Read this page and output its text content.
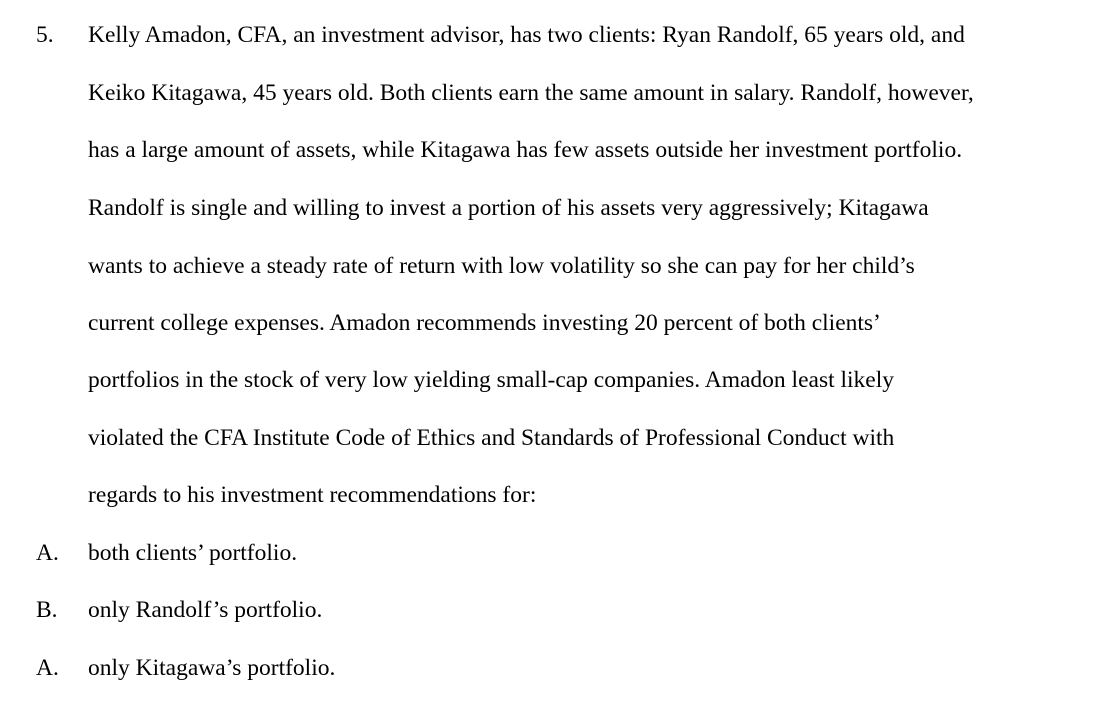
5. Kelly Amadon, CFA, an investment advisor, has two clients: Ryan Randolf, 65 years old, and
Keiko Kitagawa, 45 years old. Both clients earn the same amount in salary. Randolf, however,
has a large amount of assets, while Kitagawa has few assets outside her investment portfolio.
Randolf is single and willing to invest a portion of his assets very aggressively; Kitagawa
wants to achieve a steady rate of return with low volatility so she can pay for her child’s
current college expenses. Amadon recommends investing 20 percent of both clients’
portfolios in the stock of very low yielding small-cap companies. Amadon least likely
violated the CFA Institute Code of Ethics and Standards of Professional Conduct with
regards to his investment recommendations for:
A. both clients’ portfolio.
B. only Randolf’s portfolio.
A. only Kitagawa’s portfolio.
